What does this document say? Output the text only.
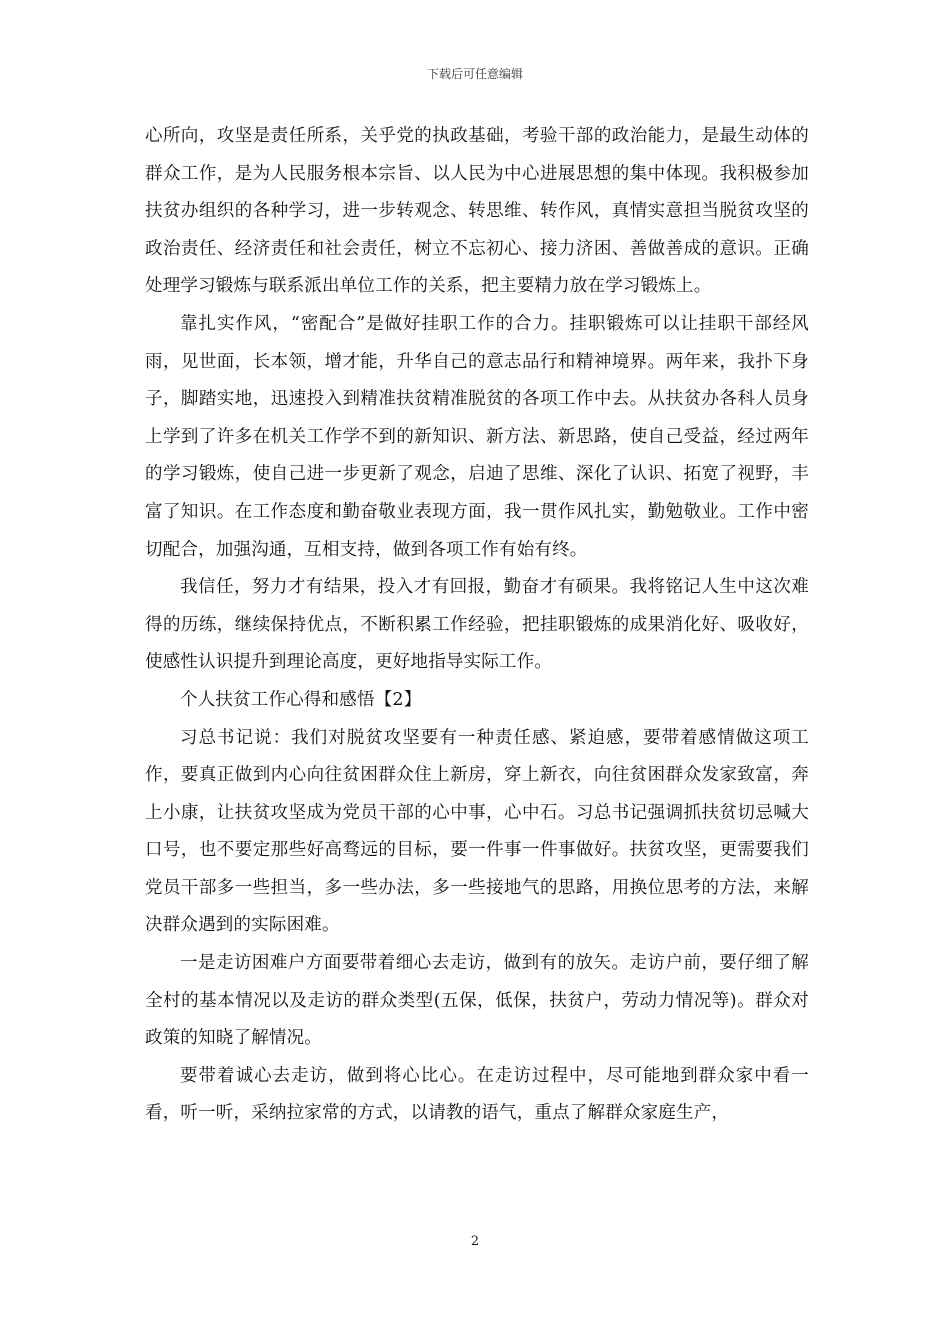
下载后可任意编辑

心所向，攻坚是责任所系，关乎党的执政基础，考验干部的政治能力，是最生动体的群众工作，是为人民服务根本宗旨、以人民为中心进展思想的集中体现。我积极参加扶贫办组织的各种学习，进一步转观念、转思维、转作风，真情实意担当脱贫攻坚的政治责任、经济责任和社会责任，树立不忘初心、接力济困、善做善成的意识。正确处理学习锻炼与联系派出单位工作的关系，把主要精力放在学习锻炼上。

靠扎实作风，“密配合”是做好挂职工作的合力。挂职锻炼可以让挂职干部经风雨，见世面，长本领，增才能，升华自己的意志品行和精神境界。两年来，我扑下身子，脚踏实地，迅速投入到精准扶贫精准脱贫的各项工作中去。从扶贫办各科人员身上学到了许多在机关工作学不到的新知识、新方法、新思路，使自己受益，经过两年的学习锻炼，使自己进一步更新了观念，启迪了思维、深化了认识、拓宽了视野，丰富了知识。在工作态度和勤奋敬业表现方面，我一贯作风扎实，勤勉敬业。工作中密切配合，加强沟通，互相支持，做到各项工作有始有终。

我信任，努力才有结果，投入才有回报，勤奋才有硕果。我将铭记人生中这次难得的历练，继续保持优点，不断积累工作经验，把挂职锻炼的成果消化好、吸收好，使感性认识提升到理论高度，更好地指导实际工作。

个人扶贫工作心得和感悟【2】

习总书记说：我们对脱贫攻坚要有一种责任感、紧迫感，要带着感情做这项工作，要真正做到内心向往贫困群众住上新房，穿上新衣，向往贫困群众发家致富，奔上小康，让扶贫攻坚成为党员干部的心中事，心中石。习总书记强调抓扶贫切忌喊大口号，也不要定那些好高骛远的目标，要一件事一件事做好。扶贫攻坚，更需要我们党员干部多一些担当，多一些办法，多一些接地气的思路，用换位思考的方法，来解决群众遇到的实际困难。

一是走访困难户方面要带着细心去走访，做到有的放矢。走访户前，要仔细了解全村的基本情况以及走访的群众类型(五保，低保，扶贫户，劳动力情况等)。群众对政策的知晓了解情况。

要带着诚心去走访，做到将心比心。在走访过程中，尽可能地到群众家中看一看，听一听，采纳拉家常的方式，以请教的语气，重点了解群众家庭生产，

2
